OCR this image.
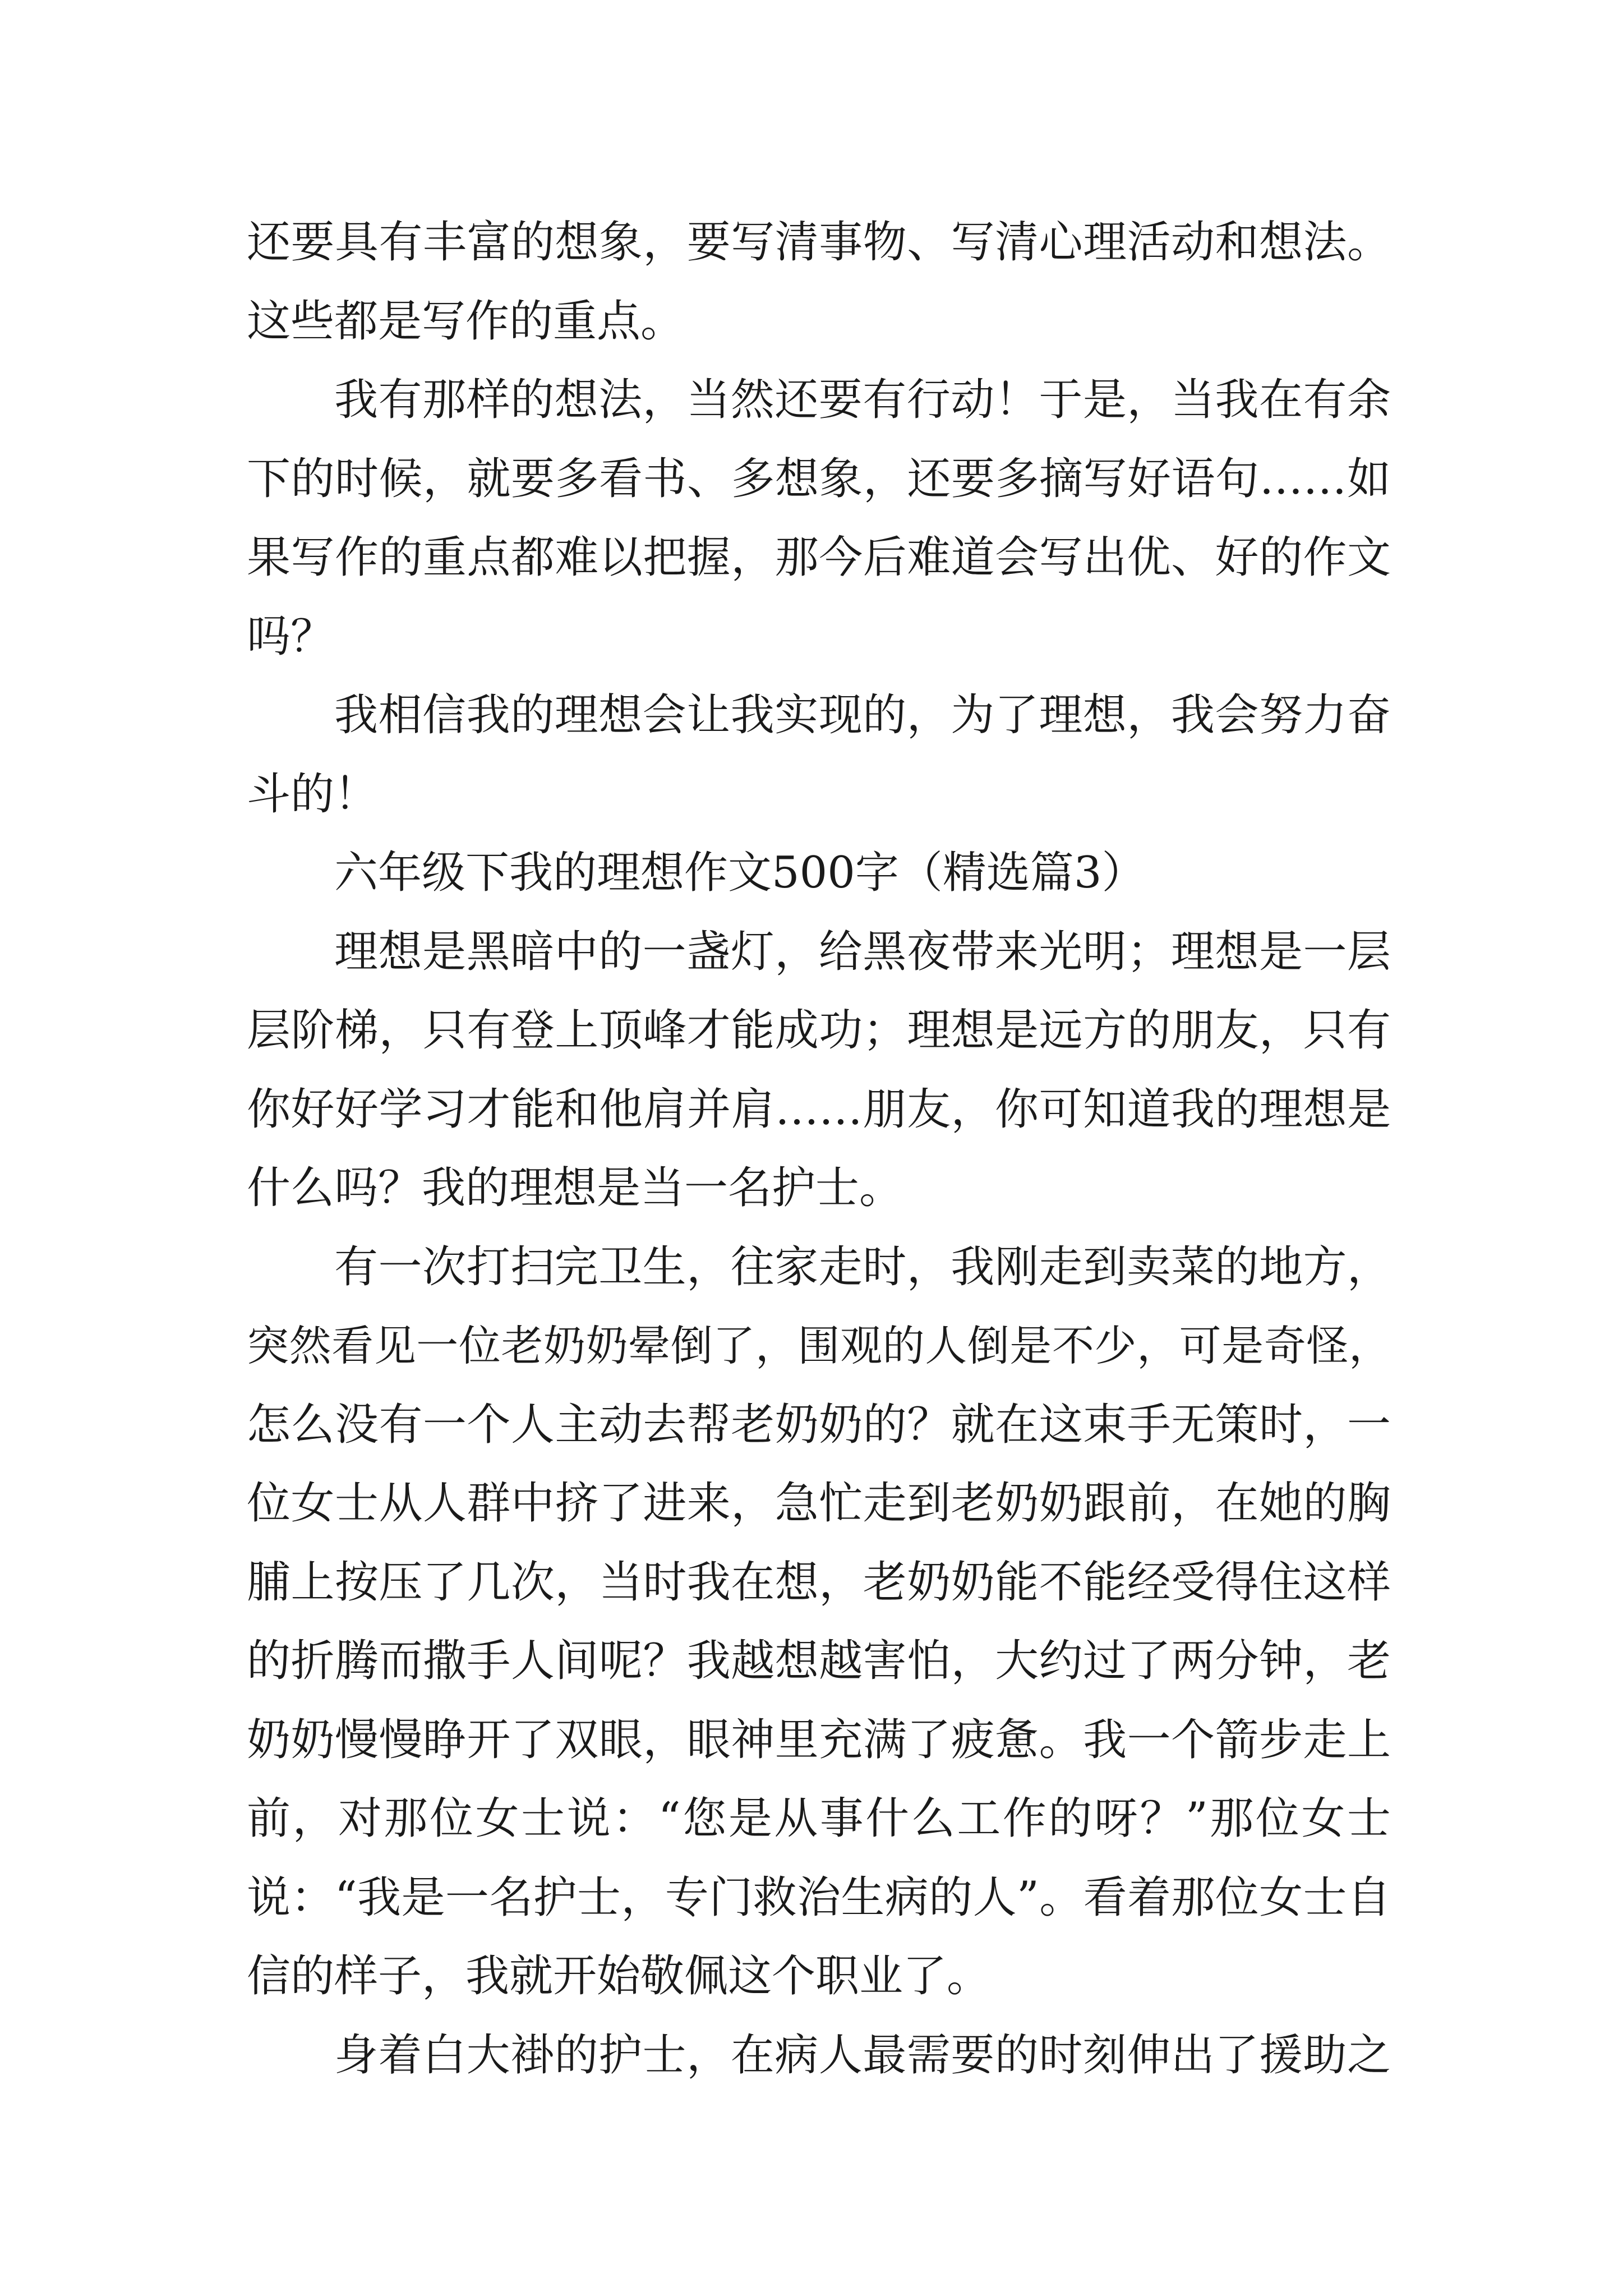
还要具有丰富的想象，要写清事物、写清心理活动和想法。
这些都是写作的重点。
我有那样的想法，当然还要有行动！于是，当我在有余
下的时候，就要多看书、多想象，还要多摘写好语句……如
果写作的重点都难以把握，那今后难道会写出优、好的作文
吗？
我相信我的理想会让我实现的，为了理想，我会努力奋
斗的！
六年级下我的理想作文500字（精选篇3）
理想是黑暗中的一盏灯，给黑夜带来光明；理想是一层
层阶梯，只有登上顶峰才能成功；理想是远方的朋友，只有
你好好学习才能和他肩并肩……朋友，你可知道我的理想是
什么吗？我的理想是当一名护士。
有一次打扫完卫生，往家走时，我刚走到卖菜的地方，
突然看见一位老奶奶晕倒了，围观的人倒是不少，可是奇怪，
怎么没有一个人主动去帮老奶奶的？就在这束手无策时，一
位女士从人群中挤了进来，急忙走到老奶奶跟前，在她的胸
脯上按压了几次，当时我在想，老奶奶能不能经受得住这样
的折腾而撒手人间呢？我越想越害怕，大约过了两分钟，老
奶奶慢慢睁开了双眼，眼神里充满了疲惫。我一个箭步走上
前，对那位女士说：“您是从事什么工作的呀？”那位女士
说：“我是一名护士，专门救治生病的人”。看着那位女士自
信的样子，我就开始敬佩这个职业了。
身着白大褂的护士，在病人最需要的时刻伸出了援助之
